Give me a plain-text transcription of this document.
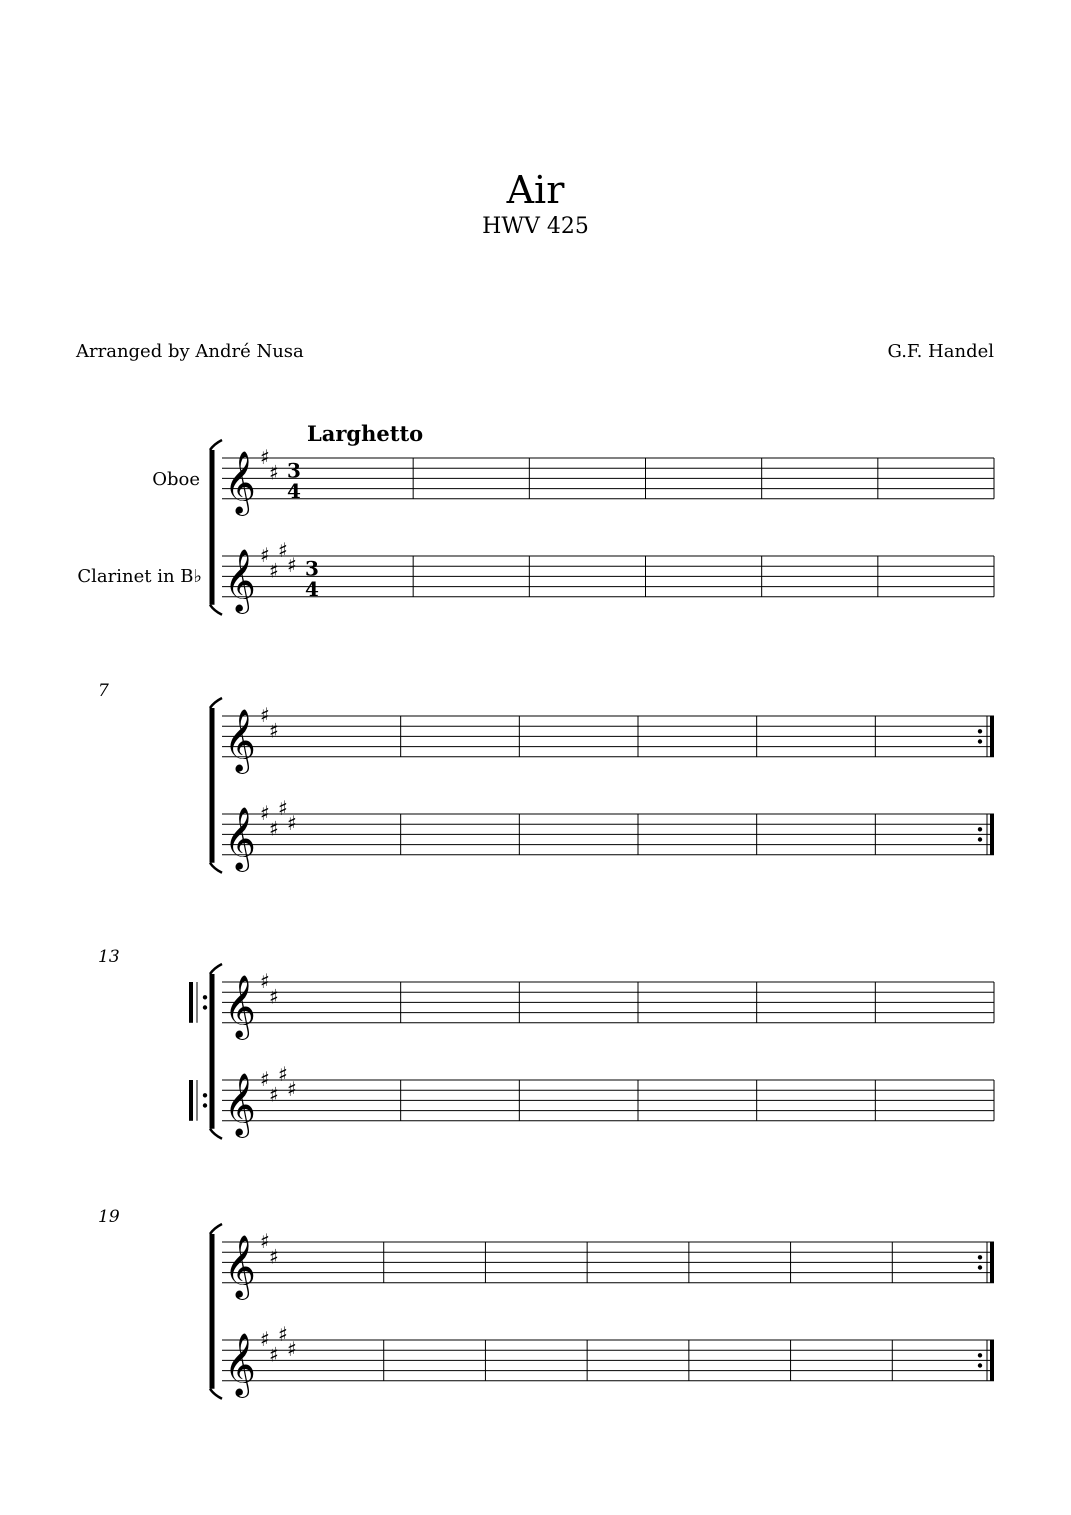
Air
HWV 425
Arranged by André Nusa	G.F. Handel
Larghetto
Oboe
Clarinet in B♭
𝄞 ♯
♯ 3
4
𝄞 ♯
♯
♯
♯ 3
4
7
𝄞 ♯
♯
𝄞 ♯
♯
♯
♯
13
𝄞 ♯
♯
𝄞 ♯
♯
♯
♯
19
𝄞 ♯
♯
𝄞 ♯
♯
♯
♯
